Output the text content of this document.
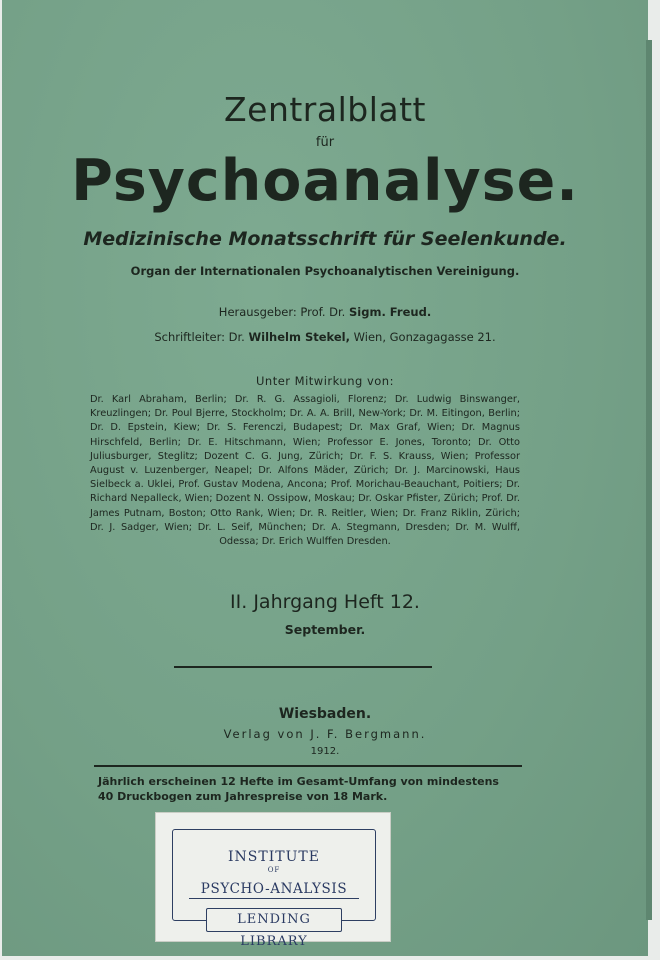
Zentralblatt
für
Psychoanalyse.
Medizinische Monatsschrift für Seelenkunde.
Organ der Internationalen Psychoanalytischen Vereinigung.
Herausgeber: Prof. Dr. Sigm. Freud.
Schriftleiter: Dr. Wilhelm Stekel, Wien, Gonzagagasse 21.
Unter Mitwirkung von:
Dr. Karl Abraham, Berlin; Dr. R. G. Assagioli, Florenz; Dr. Ludwig Binswanger, Kreuzlingen; Dr. Poul Bjerre, Stockholm; Dr. A. A. Brill, New-York; Dr. M. Eitingon, Berlin; Dr. D. Epstein, Kiew; Dr. S. Ferenczi, Budapest; Dr. Max Graf, Wien; Dr. Magnus Hirschfeld, Berlin; Dr. E. Hitschmann, Wien; Professor E. Jones, Toronto; Dr. Otto Juliusburger, Steglitz; Dozent C. G. Jung, Zürich; Dr. F. S. Krauss, Wien; Professor August v. Luzenberger, Neapel; Dr. Alfons Mäder, Zürich; Dr. J. Marcinowski, Haus Sielbeck a. Uklei, Prof. Gustav Modena, Ancona; Prof. Morichau-Beauchant, Poitiers; Dr. Richard Nepalleck, Wien; Dozent N. Ossipow, Moskau; Dr. Oskar Pfister, Zürich; Prof. Dr. James Putnam, Boston; Otto Rank, Wien; Dr. R. Reitler, Wien; Dr. Franz Riklin, Zürich; Dr. J. Sadger, Wien; Dr. L. Seif, München; Dr. A. Stegmann, Dresden; Dr. M. Wulff, Odessa; Dr. Erich Wulffen Dresden.
II. Jahrgang Heft 12.
September.
Wiesbaden.
Verlag von J. F. Bergmann.
1912.
Jährlich erscheinen 12 Hefte im Gesamt-Umfang von mindestens
40 Druckbogen zum Jahrespreise von 18 Mark.
INSTITUTE
OF
PSYCHO-ANALYSIS
LENDING LIBRARY
